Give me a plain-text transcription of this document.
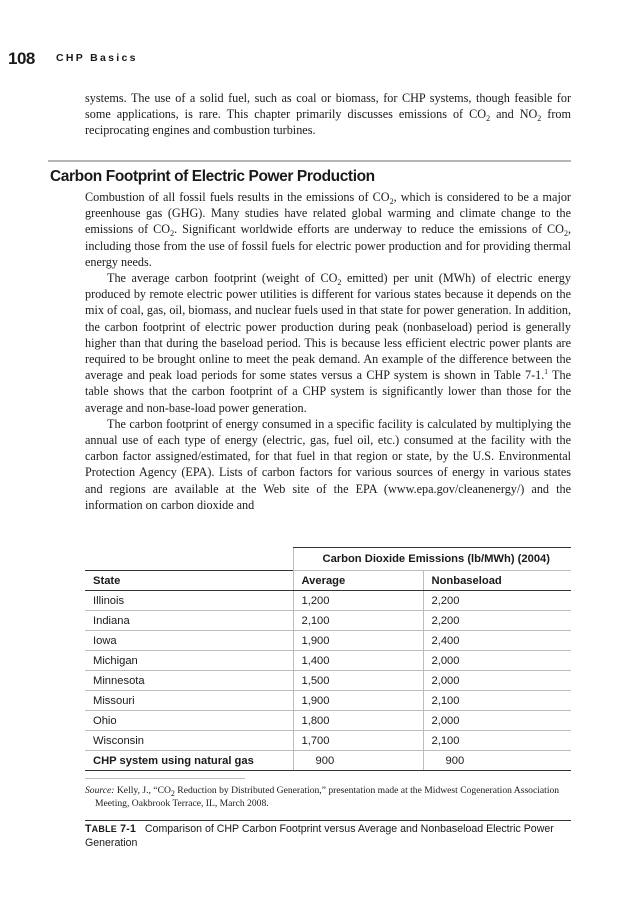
108 CHP Basics

systems. The use of a solid fuel, such as coal or biomass, for CHP systems, though feasible for some applications, is rare. This chapter primarily discusses emissions of $CO_2$ and $NO_2$ from reciprocating engines and combustion turbines.

Carbon Footprint of Electric Power Production

Combustion of all fossil fuels results in the emissions of $CO_2$, which is considered to be a major greenhouse gas (GHG). Many studies have related global warming and climate change to the emissions of $CO_2$. Significant worldwide efforts are underway to reduce the emissions of $CO_2$, including those from the use of fossil fuels for electric power production and for providing thermal energy needs.

The average carbon footprint (weight of $CO_2$ emitted) per unit (MWh) of electric energy produced by remote electric power utilities is different for various states because it depends on the mix of coal, gas, oil, biomass, and nuclear fuels used in that state for power generation. In addition, the carbon footprint of electric power production during peak (nonbaseload) period is generally higher than that during the baseload period. This is because less efficient electric power plants are required to be brought online to meet the peak demand. An example of the difference between the average and peak load periods for some states versus a CHP system is shown in Table 7-1.$^1$ The table shows that the carbon footprint of a CHP system is significantly lower than those for the average and non-base-load power generation.

The carbon footprint of energy consumed in a specific facility is calculated by multiplying the annual use of each type of energy (electric, gas, fuel oil, etc.) consumed at the facility with the carbon factor assigned/estimated, for that fuel in that region or state, by the U.S. Environmental Protection Agency (EPA). Lists of carbon factors for various sources of energy in various states and regions are available at the Web site of the EPA (www.epa.gov/cleanenergy/) and the information on carbon dioxide and

	Carbon Dioxide Emissions (lb/MWh) (2004)	
State	Average	Nonbaseload
Illinois	1,200	2,200
Indiana	2,100	2,200
Iowa	1,900	2,400
Michigan	1,400	2,000
Minnesota	1,500	2,000
Missouri	1,900	2,100
Ohio	1,800	2,000
Wisconsin	1,700	2,100
CHP system using natural gas	900	900
Source: Kelly, J., “$CO_2$ Reduction by Distributed Generation,” presentation made at the Midwest Cogeneration Association Meeting, Oakbrook Terrace, IL, March 2008.
TABLE 7-1 Comparison of CHP Carbon Footprint versus Average and Nonbaseload Electric Power Generation
